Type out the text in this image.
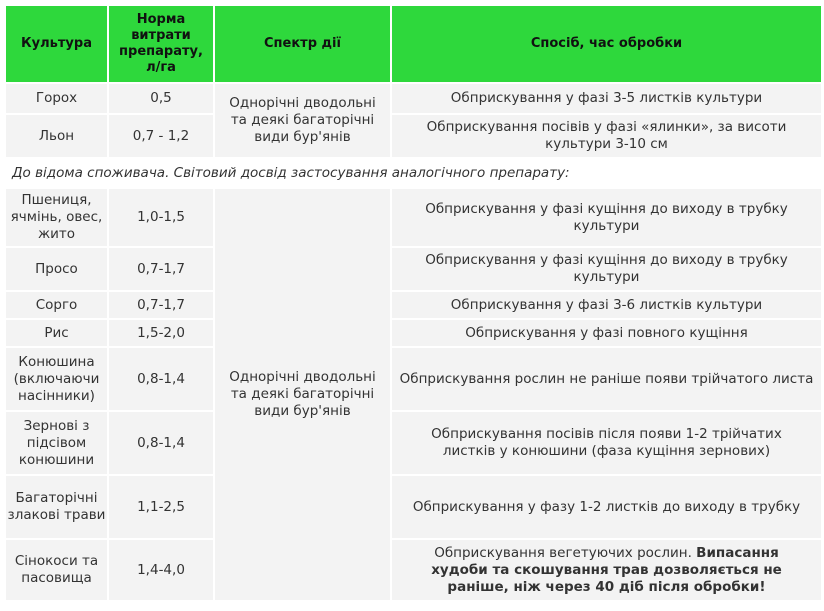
Культура	Норма витрати препарату, л/га	Спектр дії	Спосіб, час обробки
Горох	0,5	Однорічні дводольні та деякі багаторічні види бур'янів	Обприскування у фазі 3-5 листків культури
Льон	0,7 - 1,2		Обприскування посівів у фазі «ялинки», за висоти культури 3-10 см
До відома споживача. Світовий досвід застосування аналогічного препарату:			
Пшениця, ячмінь, овес, жито	1,0-1,5	Однорічні дводольні та деякі багаторічні види бур'янів	Обприскування у фазі кущіння до виходу в трубку культури
Просо	0,7-1,7		Обприскування у фазі кущіння до виходу в трубку культури
Сорго	0,7-1,7		Обприскування у фазі 3-6 листків культури
Рис	1,5-2,0		Обприскування у фазі повного кущіння
Конюшина (включаючи насінники)	0,8-1,4		Обприскування рослин не раніше появи трійчатого листа
Зернові з підсівом конюшини	0,8-1,4		Обприскування посівів після появи 1-2 трійчатих листків у конюшини (фаза кущіння зернових)
Багаторічні злакові трави	1,1-2,5		Обприскування у фазу 1-2 листків до виходу в трубку
Сінокоси та пасовища	1,4-4,0		Обприскування вегетуючих рослин. Випасання худоби та скошування трав дозволяється не раніше, ніж через 40 діб після обробки!
